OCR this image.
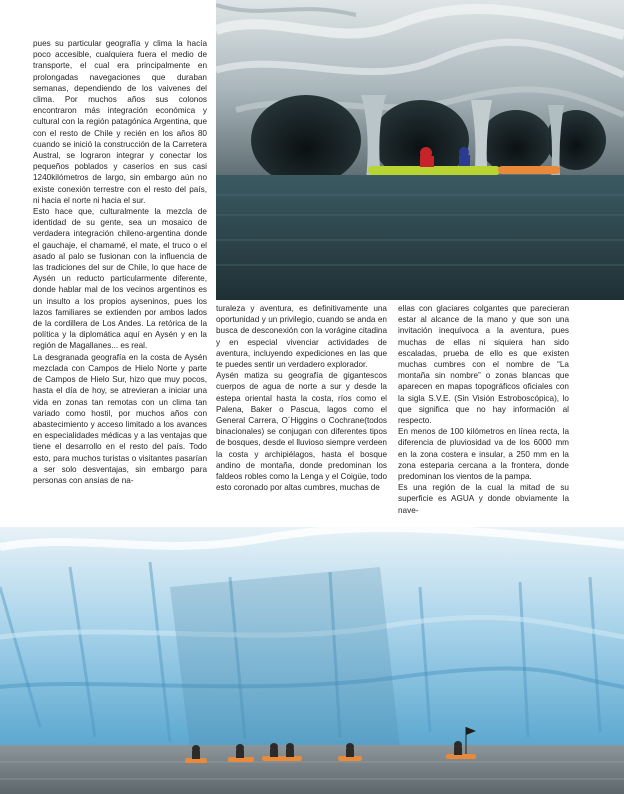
pues su particular geografía y clima la hacía poco accesible, cualquiera fuera el medio de transporte, el cual era principalmente en prolongadas navegaciones que duraban semanas, dependiendo de los vaivenes del clima. Por muchos años sus colonos encontraron más integración económica y cultural con la región patagónica Argentina, que con el resto de Chile y recién en los años 80 cuando se inició la construcción de la Carretera Austral, se lograron integrar y conectar los pequeños poblados y caseríos en sus casi 1240kilómetros de largo, sin embargo aún no existe conexión terrestre con el resto del país, ni hacia el norte ni hacia el sur.

Esto hace que, culturalmente la mezcla de identidad de su gente, sea un mosaico de verdadera integración chileno-argentina donde el gauchaje, el chamamé, el mate, el truco o el asado al palo se fusionan con la influencia de las tradiciones del sur de Chile, lo que hace de Aysén un reducto particularmente diferente, donde hablar mal de los vecinos argentinos es un insulto a los propios ayseninos, pues los lazos familiares se extienden por ambos lados de la cordillera de Los Andes. La retórica de la política y la diplomática aquí en Aysén y en la región de Magallanes... es real.

La desgranada geografía en la costa de Aysén mezclada con Campos de Hielo Norte y parte de Campos de Hielo Sur, hizo que muy pocos, hasta el día de hoy, se atrevieran a iniciar una vida en zonas tan remotas con un clima tan variado como hostil, por muchos años con abastecimiento y acceso limitado a los avances en especialidades médicas y a las ventajas que tiene el desarrollo en el resto del país. Todo esto, para muchos turistas o visitantes pasarían a ser solo desventajas, sin embargo para personas con ansias de na-

turaleza y aventura, es definitivamente una oportunidad y un privilegio, cuando se anda en busca de desconexión con la vorágine citadina y en especial vivenciar actividades de aventura, incluyendo expediciones en las que te puedes sentir un verdadero explorador.

Aysén matiza su geografía de gigantescos cuerpos de agua de norte a sur y desde la estepa oriental hasta la costa, ríos como el Palena, Baker o Pascua, lagos como el General Carrera, O´Higgins o Cochrane(todos binacionales) se conjugan con diferentes tipos de bosques, desde el lluvioso siempre verdeen la costa y archipiélagos, hasta el bosque andino de montaña, donde predominan los faldeos robles como la Lenga y el Coigüe, todo esto coronado por altas cumbres, muchas de

ellas con glaciares colgantes que parecieran estar al alcance de la mano y que son una invitación inequívoca a la aventura, pues muchas de ellas ni siquiera han sido escaladas, prueba de ello es que existen muchas cumbres con el nombre de “La montaña sin nombre” o zonas blancas que aparecen en mapas topográficos oficiales con la sigla S.V.E. (Sin Visión Estroboscópica), lo que significa que no hay información al respecto.

En menos de 100 kilómetros en línea recta, la diferencia de pluviosidad va de los 6000 mm en la zona costera e insular, a 250 mm en la zona esteparia cercana a la frontera, donde predominan los vientos de la pampa.

Es una región de la cual la mitad de su superficie es AGUA y donde obviamente la nave-
